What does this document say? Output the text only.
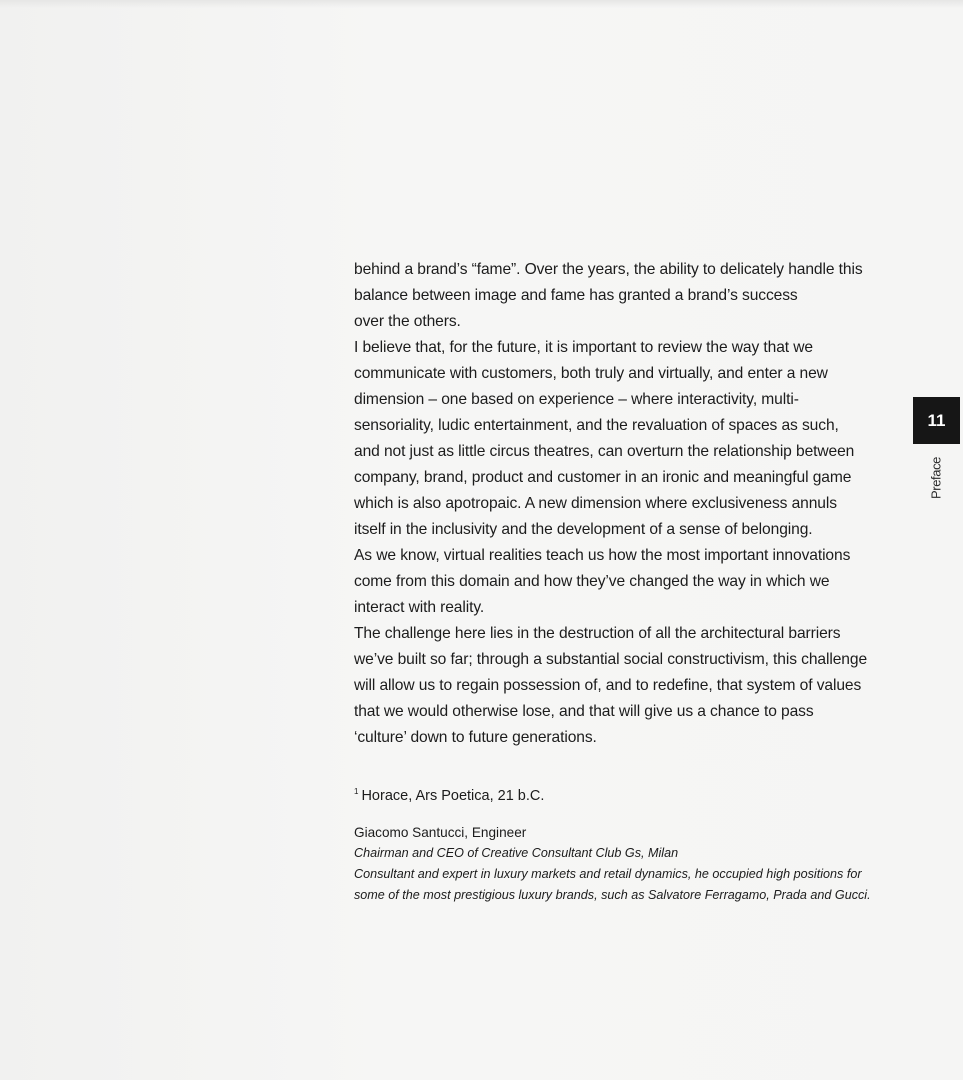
behind a brand’s “fame”. Over the years, the ability to delicately handle this
balance between image and fame has granted a brand’s success
over the others.
I believe that, for the future, it is important to review the way that we
communicate with customers, both truly and virtually, and enter a new
dimension – one based on experience – where interactivity, multi-
sensoriality, ludic entertainment, and the revaluation of spaces as such,
and not just as little circus theatres, can overturn the relationship between
company, brand, product and customer in an ironic and meaningful game
which is also apotropaic. A new dimension where exclusiveness annuls
itself in the inclusivity and the development of a sense of belonging.
As we know, virtual realities teach us how the most important innovations
come from this domain and how they’ve changed the way in which we
interact with reality.
The challenge here lies in the destruction of all the architectural barriers
we’ve built so far; through a substantial social constructivism, this challenge
will allow us to regain possession of, and to redefine, that system of values
that we would otherwise lose, and that will give us a chance to pass
‘culture’ down to future generations.
$^1$ Horace, Ars Poetica, 21 b.C.
Giacomo Santucci, Engineer
Chairman and CEO of Creative Consultant Club Gs, Milan
Consultant and expert in luxury markets and retail dynamics, he occupied high positions for
some of the most prestigious luxury brands, such as Salvatore Ferragamo, Prada and Gucci.
11
Preface
